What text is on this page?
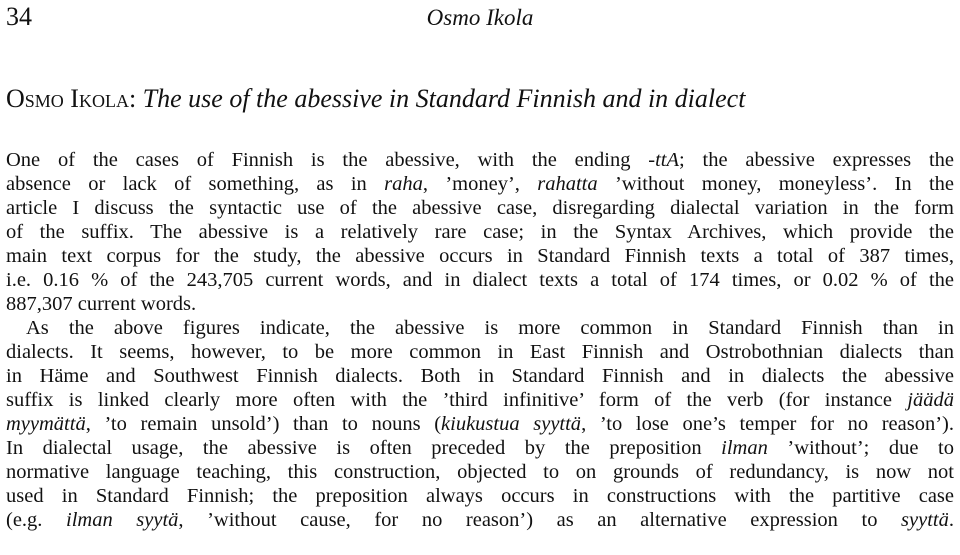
34	Osmo Ikola
Osmo Ikola: The use of the abessive in Standard Finnish and in dialect
One of the cases of Finnish is the abessive, with the ending -ttA; the abessive expresses the
absence or lack of something, as in raha, ’money’, rahatta ’without money, moneyless’. In the
article I discuss the syntactic use of the abessive case, disregarding dialectal variation in the form
of the suffix. The abessive is a relatively rare case; in the Syntax Archives, which provide the
main text corpus for the study, the abessive occurs in Standard Finnish texts a total of 387 times,
i.e. 0.16 % of the 243,705 current words, and in dialect texts a total of 174 times, or 0.02 % of the
887,307 current words.
As the above figures indicate, the abessive is more common in Standard Finnish than in
dialects. It seems, however, to be more common in East Finnish and Ostrobothnian dialects than
in Häme and Southwest Finnish dialects. Both in Standard Finnish and in dialects the abessive
suffix is linked clearly more often with the ’third infinitive’ form of the verb (for instance jäädä
myymättä, ’to remain unsold’) than to nouns (kiukustua syyttä, ’to lose one’s temper for no reason’).
In dialectal usage, the abessive is often preceded by the preposition ilman ’without’; due to
normative language teaching, this construction, objected to on grounds of redundancy, is now not
used in Standard Finnish; the preposition always occurs in constructions with the partitive case
(e.g. ilman syytä, ’without cause, for no reason’) as an alternative expression to syyttä.
